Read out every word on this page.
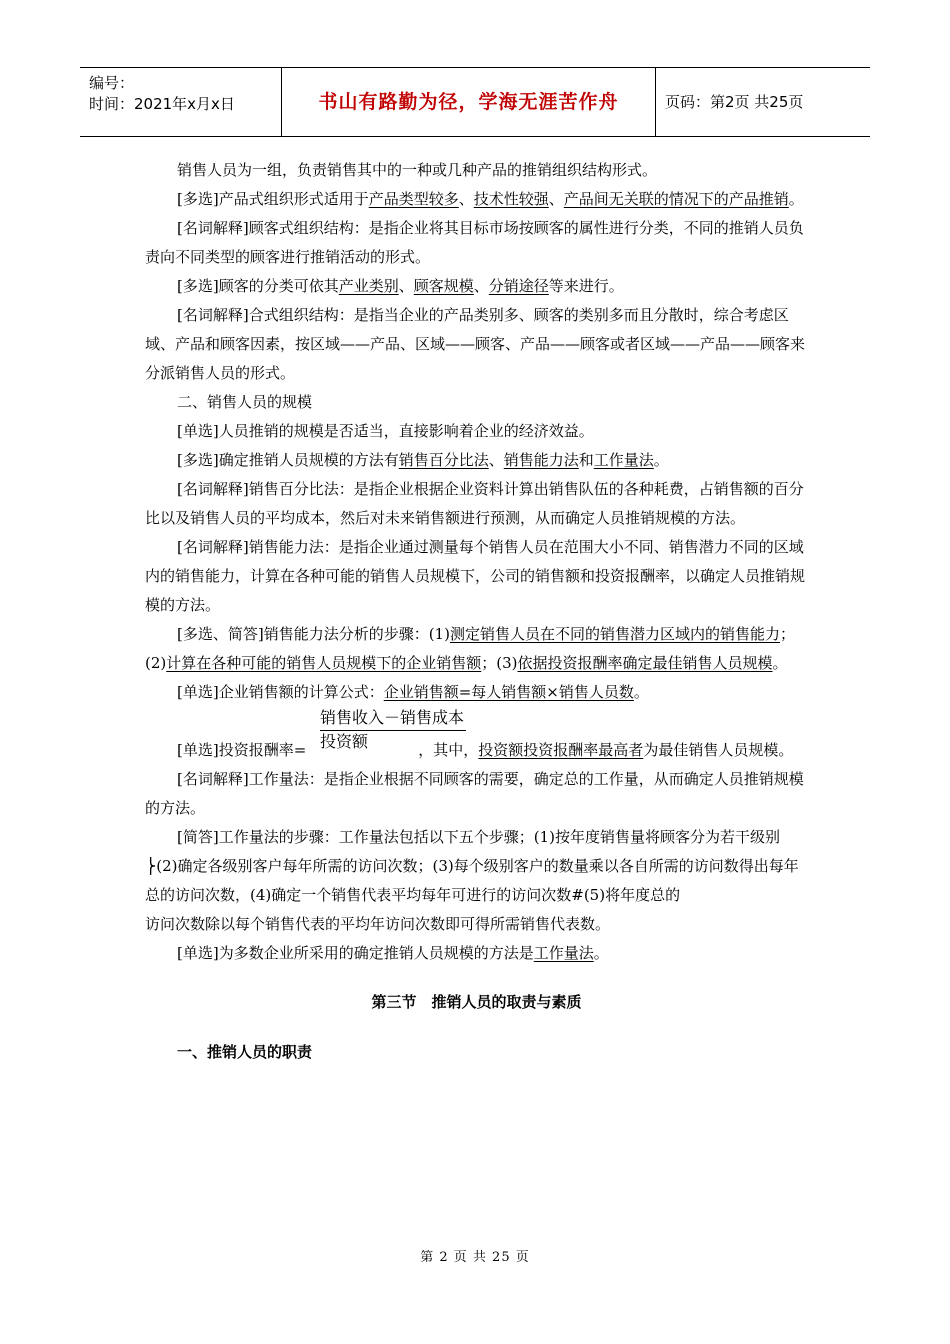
编号：
时间：2021年x月x日	书山有路勤为径，学海无涯苦作舟	页码：第2页 共25页

销售人员为一组，负责销售其中的一种或几种产品的推销组织结构形式。

[多选]产品式组织形式适用于产品类型较多、技术性较强、产品间无关联的情况下的产品推销。

[名词解释]顾客式组织结构：是指企业将其目标市场按顾客的属性进行分类，不同的推销人员负责向不同类型的顾客进行推销活动的形式。

[多选]顾客的分类可依其产业类别、顾客规模、分销途径等来进行。

[名词解释]合式组织结构：是指当企业的产品类别多、顾客的类别多而且分散时，综合考虑区域、产品和顾客因素，按区域——产品、区域——顾客、产品——顾客或者区域——产品——顾客来分派销售人员的形式。

二、销售人员的规模

[单选]人员推销的规模是否适当，直接影响着企业的经济效益。

[多选]确定推销人员规模的方法有销售百分比法、销售能力法和工作量法。

[名词解释]销售百分比法：是指企业根据企业资料计算出销售队伍的各种耗费，占销售额的百分比以及销售人员的平均成本，然后对未来销售额进行预测，从而确定人员推销规模的方法。

[名词解释]销售能力法：是指企业通过测量每个销售人员在范围大小不同、销售潜力不同的区域内的销售能力，计算在各种可能的销售人员规模下，公司的销售额和投资报酬率，以确定人员推销规模的方法。

[多选、简答]销售能力法分析的步骤：(1)测定销售人员在不同的销售潜力区域内的销售能力；(2)计算在各种可能的销售人员规模下的企业销售额；(3)依据投资报酬率确定最佳销售人员规模。

[单选]企业销售额的计算公式：企业销售额=每人销售额×销售人员数。

销售收入－销售成本
投资额

[单选]投资报酬率=	，其中，投资额投资报酬率最高者为最佳销售人员规模。

[名词解释]工作量法：是指企业根据不同顾客的需要，确定总的工作量，从而确定人员推销规模的方法。

[简答]工作量法的步骤：工作量法包括以下五个步骤；(1)按年度销售量将顾客分为若干级别⎬(2)确定各级别客户每年所需的访问次数；(3)每个级别客户的数量乘以各自所需的访问数得出每年总的访问次数，(4)确定一个销售代表平均每年可进行的访问次数#(5)将年度总的

访问次数除以每个销售代表的平均年访问次数即可得所需销售代表数。

[单选]为多数企业所采用的确定推销人员规模的方法是工作量法。

第三节　推销人员的取责与素质

一、推销人员的职责

第 2 页 共 25 页
